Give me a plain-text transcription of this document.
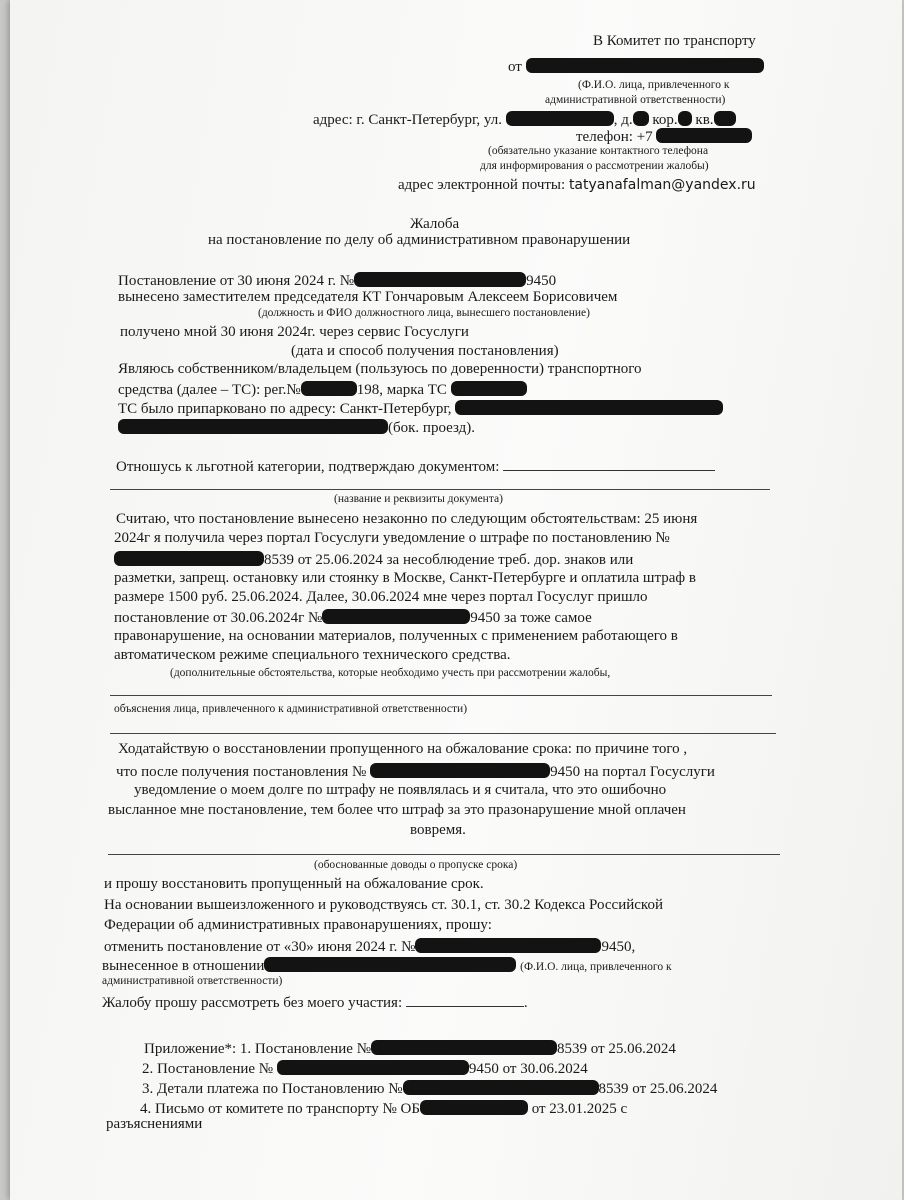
В Комитет по транспорту
от
(Ф.И.О. лица, привлеченного к
административной ответственности)
адрес: г. Санкт-Петербург, ул.	, д. кор. кв.
телефон: +7
(обязательно указание контактного телефона
для информирования о рассмотрении жалобы)
адрес электронной почты: tatyanafalman@yandex.ru
Жалоба
на постановление по делу об административном правонарушении
Постановление от 30 июня 2024 г. №	9450
вынесено заместителем председателя КТ Гончаровым Алексеем Борисовичем
(должность и ФИО должностного лица, вынесшего постановление)
получено мной 30 июня 2024г. через сервис Госуслуги
(дата и способ получения постановления)
Являюсь собственником/владельцем (пользуюсь по доверенности) транспортного
средства (далее – ТС): рег.№	198, марка ТС
ТС было припарковано по адресу: Санкт-Петербург,
(бок. проезд).
Отношусь к льготной категории, подтверждаю документом:
(название и реквизиты документа)
Считаю, что постановление вынесено незаконно по следующим обстоятельствам: 25 июня
2024г я получила через портал Госуслуги уведомление о штрафе по постановлению №
8539 от 25.06.2024 за несоблюдение треб. дор. знаков или
разметки, запрещ. остановку или стоянку в Москве, Санкт-Петербурге и оплатила штраф в
размере 1500 руб. 25.06.2024. Далее, 30.06.2024 мне через портал Госуслуг пришло
постановление от 30.06.2024г №	9450 за тоже самое
правонарушение, на основании материалов, полученных с применением работающего в
автоматическом режиме специального технического средства.
(дополнительные обстоятельства, которые необходимо учесть при рассмотрении жалобы,
объяснения лица, привлеченного к административной ответственности)
Ходатайствую о восстановлении пропущенного на обжалование срока: по причине того ,
что после получения постановления №	9450 на портал Госуслуги
уведомление о моем долге по штрафу не появлялась и я считала, что это ошибочно
высланное мне постановление, тем более что штраф за это празонарушение мной оплачен
вовремя.
(обоснованные доводы о пропуске срока)
и прошу восстановить пропущенный на обжалование срок.
На основании вышеизложенного и руководствуясь ст. 30.1, ст. 30.2 Кодекса Российской
Федерации об административных правонарушениях, прошу:
отменить постановление от «30» июня 2024 г. №	9450,
вынесенное в отношении	(Ф.И.О. лица, привлеченного к
административной ответственности)
Жалобу прошу рассмотреть без моего участия:	.
Приложение*: 1. Постановление №	8539 от 25.06.2024
2. Постановление №	9450 от 30.06.2024
3. Детали платежа по Постановлению №	8539 от 25.06.2024
4. Письмо от комитете по транспорту № ОБ	от 23.01.2025 с
разъяснениями
